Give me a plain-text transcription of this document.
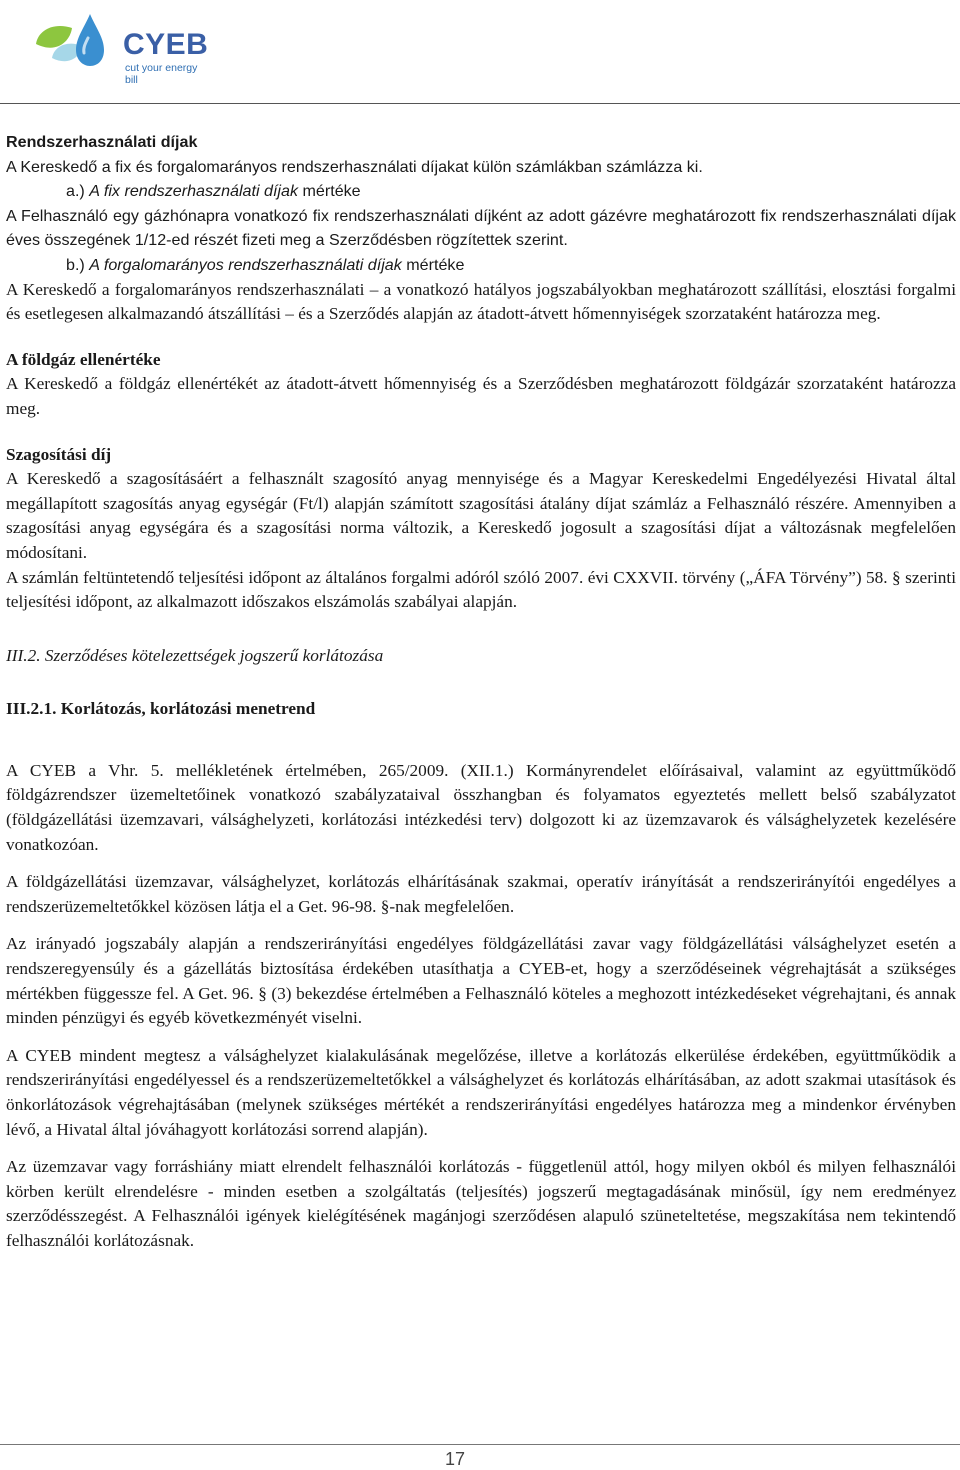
CYEB
cut your energy bill

Rendszerhasználati díjak

A Kereskedő a fix és forgalomarányos rendszerhasználati díjakat külön számlákban számlázza ki.

a.) A fix rendszerhasználati díjak mértéke

A Felhasználó egy gázhónapra vonatkozó fix rendszerhasználati díjként az adott gázévre meghatározott fix rendszerhasználati díjak éves összegének 1/12-ed részét fizeti meg a Szerződésben rögzítettek szerint.

b.) A forgalomarányos rendszerhasználati díjak mértéke

A Kereskedő a forgalomarányos rendszerhasználati – a vonatkozó hatályos jogszabályokban meghatározott szállítási, elosztási forgalmi és esetlegesen alkalmazandó átszállítási – és a Szerződés alapján az átadott-átvett hőmennyiségek szorzataként határozza meg.

A földgáz ellenértéke

A Kereskedő a földgáz ellenértékét az átadott-átvett hőmennyiség és a Szerződésben meghatározott földgázár szorzataként határozza meg.

Szagosítási díj

A Kereskedő a szagosításáért a felhasznált szagosító anyag mennyisége és a Magyar Kereskedelmi Engedélyezési Hivatal által megállapított szagosítás anyag egységár (Ft/l) alapján számított szagosítási átalány díjat számláz a Felhasználó részére. Amennyiben a szagosítási anyag egységára és a szagosítási norma változik, a Kereskedő jogosult a szagosítási díjat a változásnak megfelelően módosítani.

A számlán feltüntetendő teljesítési időpont az általános forgalmi adóról szóló 2007. évi CXXVII. törvény („ÁFA Törvény”) 58. § szerinti teljesítési időpont, az alkalmazott időszakos elszámolás szabályai alapján.

III.2. Szerződéses kötelezettségek jogszerű korlátozása

III.2.1. Korlátozás, korlátozási menetrend

A CYEB a Vhr. 5. mellékletének értelmében, 265/2009. (XII.1.) Kormányrendelet előírásaival, valamint az együttműködő földgázrendszer üzemeltetőinek vonatkozó szabályzataival összhangban és folyamatos egyeztetés mellett belső szabályzatot (földgázellátási üzemzavari, válsághelyzeti, korlátozási intézkedési terv) dolgozott ki az üzemzavarok és válsághelyzetek kezelésére vonatkozóan.

A földgázellátási üzemzavar, válsághelyzet, korlátozás elhárításának szakmai, operatív irányítását a rendszerirányítói engedélyes a rendszerüzemeltetőkkel közösen látja el a Get. 96-98. §-nak megfelelően.

Az irányadó jogszabály alapján a rendszerirányítási engedélyes földgázellátási zavar vagy földgázellátási válsághelyzet esetén a rendszeregyensúly és a gázellátás biztosítása érdekében utasíthatja a CYEB-et, hogy a szerződéseinek végrehajtását a szükséges mértékben függessze fel. A Get. 96. § (3) bekezdése értelmében a Felhasználó köteles a meghozott intézkedéseket végrehajtani, és annak minden pénzügyi és egyéb következményét viselni.

A CYEB mindent megtesz a válsághelyzet kialakulásának megelőzése, illetve a korlátozás elkerülése érdekében, együttműködik a rendszerirányítási engedélyessel és a rendszerüzemeltetőkkel a válsághelyzet és korlátozás elhárításában, az adott szakmai utasítások és önkorlátozások végrehajtásában (melynek szükséges mértékét a rendszerirányítási engedélyes határozza meg a mindenkor érvényben lévő, a Hivatal által jóváhagyott korlátozási sorrend alapján).

Az üzemzavar vagy forráshiány miatt elrendelt felhasználói korlátozás - függetlenül attól, hogy milyen okból és milyen felhasználói körben került elrendelésre - minden esetben a szolgáltatás (teljesítés) jogszerű megtagadásának minősül, így nem eredményez szerződésszegést. A Felhasználói igények kielégítésének magánjogi szerződésen alapuló szüneteltetése, megszakítása nem tekintendő felhasználói korlátozásnak.

17
